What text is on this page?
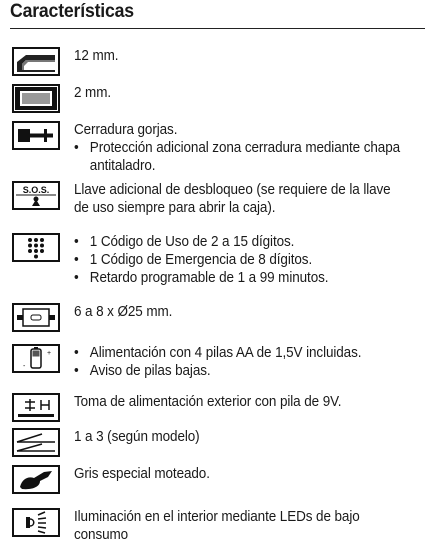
Características
12 mm.
2 mm.
Cerradura gorjas.
• Protección adicional zona cerradura mediante chapa
antitaladro.
S.O.S. Llave adicional de desbloqueo (se requiere de la llave
de uso siempre para abrir la caja).
• 1 Código de Uso de 2 a 15 dígitos.
• 1 Código de Emergencia de 8 dígitos.
• Retardo programable de 1 a 99 minutos.
6 a 8 x Ø25 mm.
+
-
• Alimentación con 4 pilas AA de 1,5V incluidas.
• Aviso de pilas bajas.
Toma de alimentación exterior con pila de 9V.
1 a 3 (según modelo)
Gris especial moteado.
Iluminación en el interior mediante LEDs de bajo
consumo
